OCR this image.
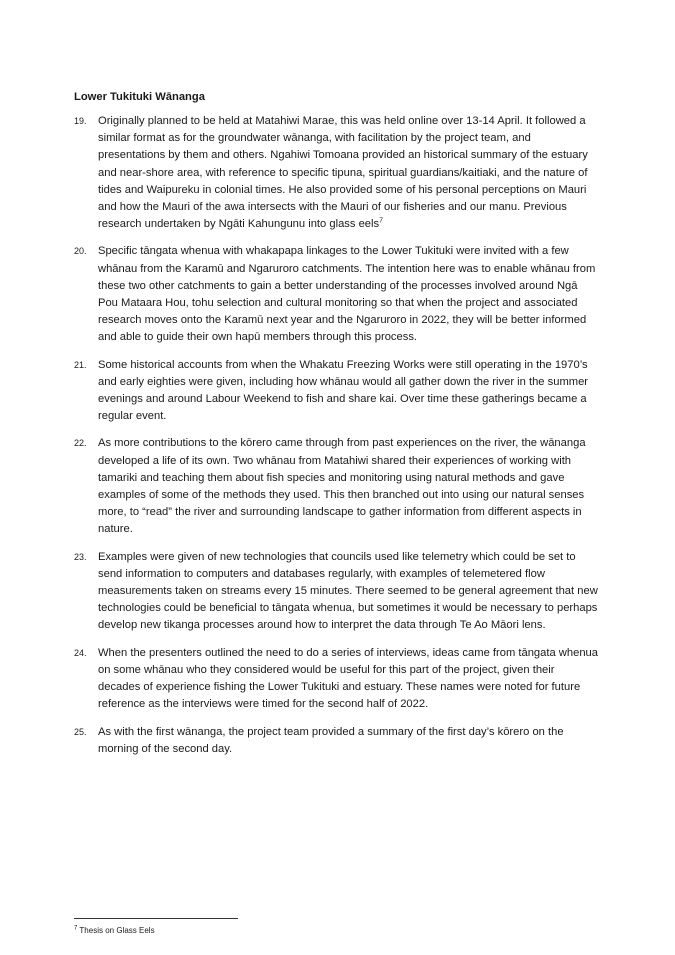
Lower Tukituki Wānanga
19. Originally planned to be held at Matahiwi Marae, this was held online over 13-14 April. It followed a similar format as for the groundwater wānanga, with facilitation by the project team, and presentations by them and others. Ngahiwi Tomoana provided an historical summary of the estuary and near-shore area, with reference to specific tipuna, spiritual guardians/kaitiaki, and the nature of tides and Waipureku in colonial times. He also provided some of his personal perceptions on Mauri and how the Mauri of the awa intersects with the Mauri of our fisheries and our manu. Previous research undertaken by Ngāti Kahungunu into glass eels$^7$
20. Specific tāngata whenua with whakapapa linkages to the Lower Tukituki were invited with a few whānau from the Karamū and Ngaruroro catchments. The intention here was to enable whānau from these two other catchments to gain a better understanding of the processes involved around Ngā Pou Mataara Hou, tohu selection and cultural monitoring so that when the project and associated research moves onto the Karamū next year and the Ngaruroro in 2022, they will be better informed and able to guide their own hapū members through this process.
21. Some historical accounts from when the Whakatu Freezing Works were still operating in the 1970’s and early eighties were given, including how whānau would all gather down the river in the summer evenings and around Labour Weekend to fish and share kai. Over time these gatherings became a regular event.
22. As more contributions to the kōrero came through from past experiences on the river, the wānanga developed a life of its own. Two whānau from Matahiwi shared their experiences of working with tamariki and teaching them about fish species and monitoring using natural methods and gave examples of some of the methods they used. This then branched out into using our natural senses more, to “read” the river and surrounding landscape to gather information from different aspects in nature.
23. Examples were given of new technologies that councils used like telemetry which could be set to send information to computers and databases regularly, with examples of telemetered flow measurements taken on streams every 15 minutes. There seemed to be general agreement that new technologies could be beneficial to tāngata whenua, but sometimes it would be necessary to perhaps develop new tikanga processes around how to interpret the data through Te Ao Māori lens.
24. When the presenters outlined the need to do a series of interviews, ideas came from tāngata whenua on some whānau who they considered would be useful for this part of the project, given their decades of experience fishing the Lower Tukituki and estuary. These names were noted for future reference as the interviews were timed for the second half of 2022.
25. As with the first wānanga, the project team provided a summary of the first day’s kōrero on the morning of the second day.
$^7$ Thesis on Glass Eels
